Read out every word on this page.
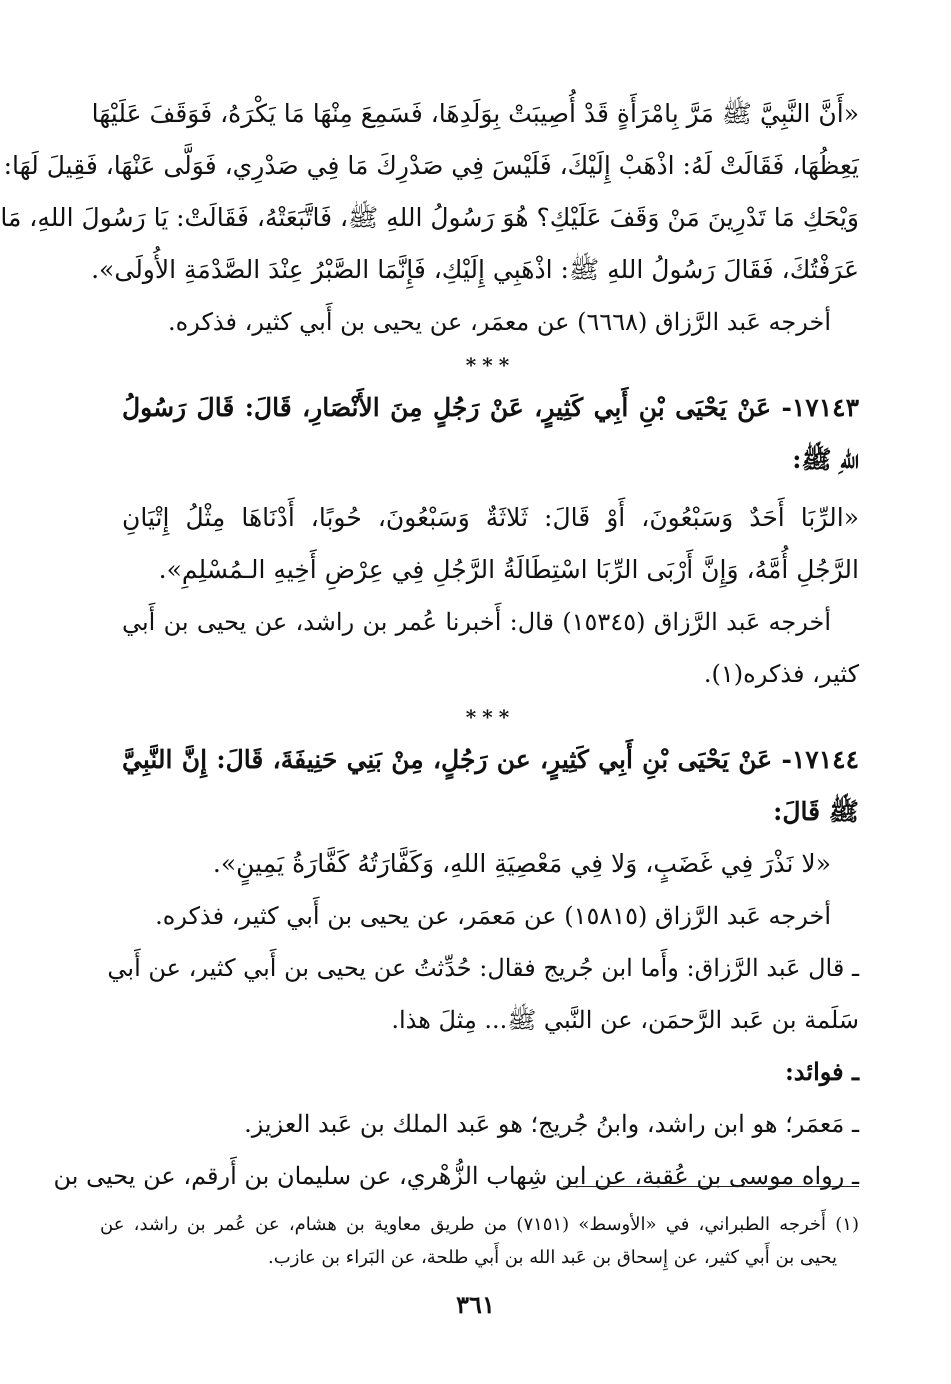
«أَنَّ النَّبِيَّ ﷺ مَرَّ بِامْرَأَةٍ قَدْ أُصِيبَتْ بِوَلَدِهَا، فَسَمِعَ مِنْهَا مَا يَكْرَهُ، فَوَقَفَ عَلَيْهَا
يَعِظُهَا، فَقَالَتْ لَهُ: اذْهَبْ إِلَيْكَ، فَلَيْسَ فِي صَدْرِكَ مَا فِي صَدْرِي، فَوَلَّى عَنْهَا، فَقِيلَ لَهَا:
وَيْحَكِ مَا تَدْرِينَ مَنْ وَقَفَ عَلَيْكِ؟ هُوَ رَسُولُ اللهِ ﷺ، فَاتَّبَعَتْهُ، فَقَالَتْ: يَا رَسُولَ اللهِ، مَا
عَرَفْتُكَ، فَقَالَ رَسُولُ اللهِ ﷺ: اذْهَبِي إِلَيْكِ، فَإِنَّمَا الصَّبْرُ عِنْدَ الصَّدْمَةِ الأُولَى».
أخرجه عَبد الرَّزاق (٦٦٦٨) عن معمَر، عن يحيى بن أَبي كثير، فذكره.
***
١٧١٤٣- عَنْ يَحْيَى بْنِ أَبِي كَثِيرٍ، عَنْ رَجُلٍ مِنَ الأَنْصَارِ، قَالَ: قَالَ رَسُولُ
اللهِ ﷺ:
«الرِّبَا أَحَدٌ وَسَبْعُونَ، أَوْ قَالَ: ثَلاثَةٌ وَسَبْعُونَ، حُوبًا، أَدْنَاهَا مِثْلُ إِتْيَانِ
الرَّجُلِ أُمَّهُ، وَإِنَّ أَرْبَى الرِّبَا اسْتِطَالَةُ الرَّجُلِ فِي عِرْضِ أَخِيهِ الـمُسْلِمِ».
أخرجه عَبد الرَّزاق (١٥٣٤٥) قال: أَخبرنا عُمر بن راشد، عن يحيى بن أَبي
كثير، فذكره(١).
***
١٧١٤٤- عَنْ يَحْيَى بْنِ أَبِي كَثِيرٍ، عن رَجُلٍ، مِنْ بَنِي حَنِيفَةَ، قَالَ: إِنَّ النَّبِيَّ
ﷺ قَالَ:
«لا نَذْرَ فِي غَضَبٍ، وَلا فِي مَعْصِيَةِ اللهِ، وَكَفَّارَتُهُ كَفَّارَةُ يَمِينٍ».
أخرجه عَبد الرَّزاق (١٥٨١٥) عن مَعمَر، عن يحيى بن أَبي كثير، فذكره.
ـ قال عَبد الرَّزاق: وأَما ابن جُريج فقال: حُدِّثتُ عن يحيى بن أَبي كثير، عن أَبي
سَلَمة بن عَبد الرَّحمَن، عن النَّبي ﷺ... مِثلَ هذا.
ـ فوائد:
ـ مَعمَر؛ هو ابن راشد، وابنُ جُريج؛ هو عَبد الملك بن عَبد العزيز.
ـ رواه موسى بن عُقبة، عن ابن شِهاب الزُّهْري، عن سليمان بن أَرقم، عن يحيى بن
(١) أَخرجه الطبراني، في «الأوسط» (٧١٥١) من طريق معاوية بن هشام، عن عُمر بن راشد، عن
يحيى بن أَبي كثير، عن إِسحاق بن عَبد الله بن أَبي طلحة، عن البَراء بن عازب.
٣٦١
